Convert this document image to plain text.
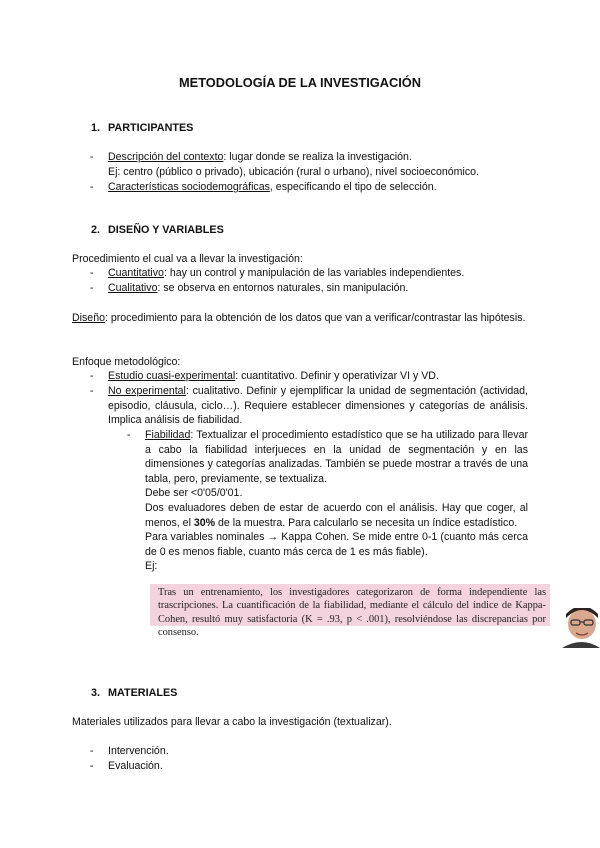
METODOLOGÍA DE LA INVESTIGACIÓN
1. PARTICIPANTES
- Descripción del contexto: lugar donde se realiza la investigación.
Ej: centro (público o privado), ubicación (rural o urbano), nivel socioeconómico.
- Características sociodemográficas, especificando el tipo de selección.
2. DISEÑO Y VARIABLES
Procedimiento el cual va a llevar la investigación:
- Cuantitativo: hay un control y manipulación de las variables independientes.
- Cualitativo: se observa en entornos naturales, sin manipulación.
Diseño: procedimiento para la obtención de los datos que van a verificar/contrastar las hipótesis.
Enfoque metodológico:
- Estudio cuasi-experimental: cuantitativo. Definir y operativizar VI y VD.
- No experimental: cualitativo. Definir y ejemplificar la unidad de segmentación (actividad, episodio, cláusula, ciclo…). Requiere establecer dimensiones y categorías de análisis. Implica análisis de fiabilidad.
- Fiabilidad: Textualizar el procedimiento estadístico que se ha utilizado para llevar a cabo la fiabilidad interjueces en la unidad de segmentación y en las dimensiones y categorías analizadas. También se puede mostrar a través de una tabla, pero, previamente, se textualiza.
Debe ser <0'05/0'01.
Dos evaluadores deben de estar de acuerdo con el análisis. Hay que coger, al menos, el 30% de la muestra. Para calcularlo se necesita un índice estadístico.
Para variables nominales → Kappa Cohen. Se mide entre 0-1 (cuanto más cerca de 0 es menos fiable, cuanto más cerca de 1 es más fiable).
Ej:
Tras un entrenamiento, los investigadores categorizaron de forma independiente las trascripciones. La cuantificación de la fiabilidad, mediante el cálculo del índice de Kappa-Cohen, resultó muy satisfactoria (K = .93, p < .001), resolviéndose las discrepancias por consenso.
3. MATERIALES
Materiales utilizados para llevar a cabo la investigación (textualizar).
- Intervención.
- Evaluación.
